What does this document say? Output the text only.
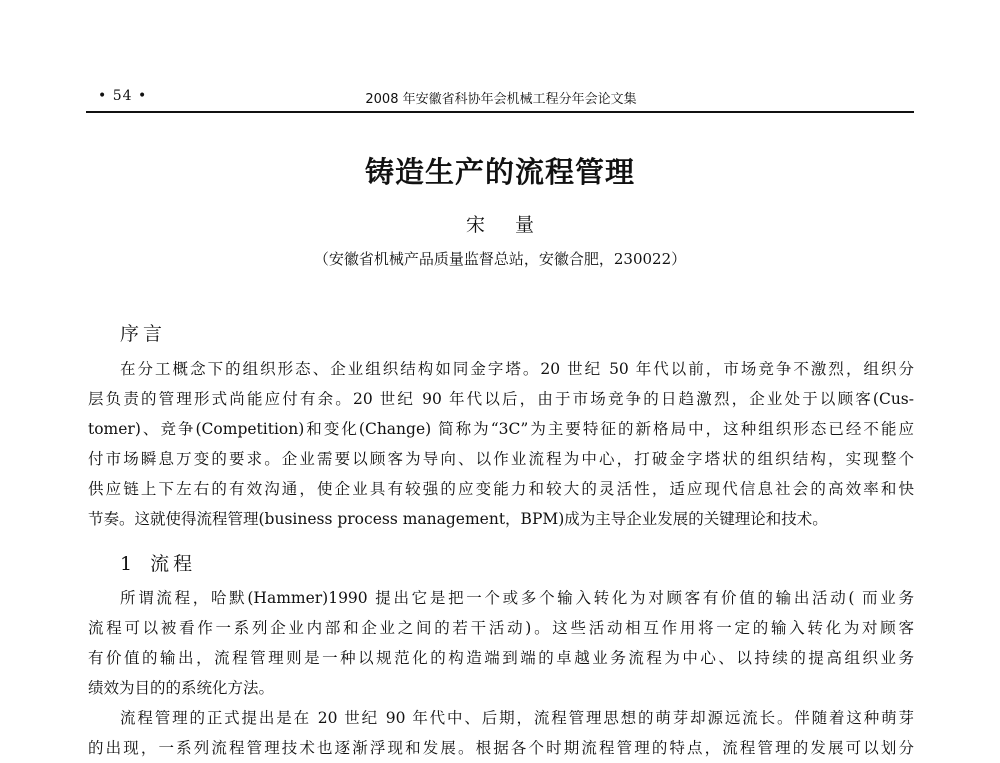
• 54 •	2008 年安徽省科协年会机械工程分年会论文集
铸造生产的流程管理
宋 量
（安徽省机械产品质量监督总站，安徽合肥，230022）
序言
在分工概念下的组织形态、企业组织结构如同金字塔。20 世纪 50 年代以前，市场竞争不激烈，组织分
层负责的管理形式尚能应付有余。20 世纪 90 年代以后，由于市场竞争的日趋激烈，企业处于以顾客(Cus-
tomer)、竞争(Competition)和变化(Change) 简称为“3C”为主要特征的新格局中，这种组织形态已经不能应
付市场瞬息万变的要求。企业需要以顾客为导向、以作业流程为中心，打破金字塔状的组织结构，实现整个
供应链上下左右的有效沟通，使企业具有较强的应变能力和较大的灵活性，适应现代信息社会的高效率和快
节奏。这就使得流程管理(business process management，BPM)成为主导企业发展的关键理论和技术。
1 流程
所谓流程，哈默(Hammer)1990 提出它是把一个或多个输入转化为对顾客有价值的输出活动( 而业务
流程可以被看作一系列企业内部和企业之间的若干活动)。这些活动相互作用将一定的输入转化为对顾客
有价值的输出，流程管理则是一种以规范化的构造端到端的卓越业务流程为中心、以持续的提高组织业务
绩效为目的的系统化方法。
流程管理的正式提出是在 20 世纪 90 年代中、后期，流程管理思想的萌芽却源远流长。伴随着这种萌芽
的出现，一系列流程管理技术也逐渐浮现和发展。根据各个时期流程管理的特点，流程管理的发展可以划分
